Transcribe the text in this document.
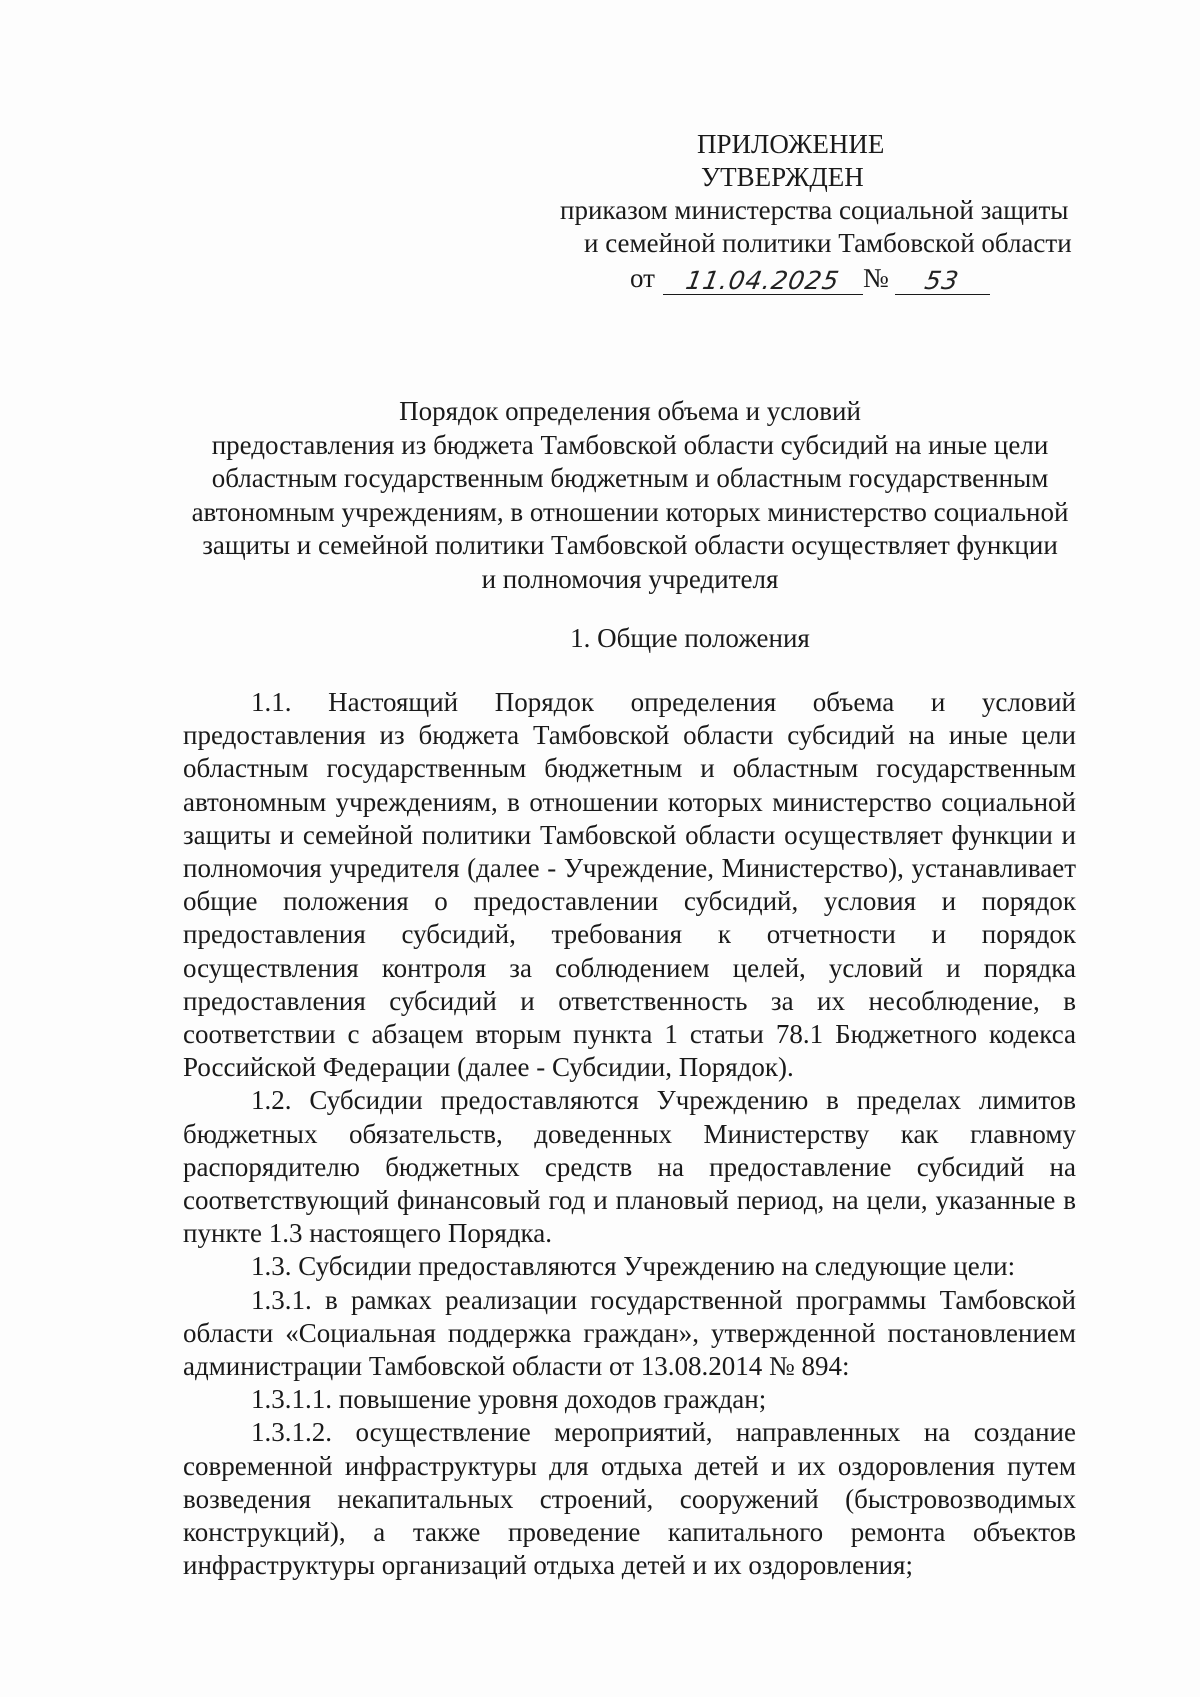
ПРИЛОЖЕНИЕ
УТВЕРЖДЕН
приказом министерства социальной защиты
и семейной политики Тамбовской области
от 11.04.2025 № 53
Порядок определения объема и условий
предоставления из бюджета Тамбовской области субсидий на иные цели
областным государственным бюджетным и областным государственным
автономным учреждениям, в отношении которых министерство социальной
защиты и семейной политики Тамбовской области осуществляет функции
и полномочия учредителя
1. Общие положения

1.1. Настоящий Порядок определения объема и условий предоставления из бюджета Тамбовской области субсидий на иные цели областным государственным бюджетным и областным государственным автономным учреждениям, в отношении которых министерство социальной защиты и семейной политики Тамбовской области осуществляет функции и полномочия учредителя (далее - Учреждение, Министерство), устанавливает общие положения о предоставлении субсидий, условия и порядок предоставления субсидий, требования к отчетности и порядок осуществления контроля за соблюдением целей, условий и порядка предоставления субсидий и ответственность за их несоблюдение, в соответствии с абзацем вторым пункта 1 статьи 78.1 Бюджетного кодекса Российской Федерации (далее - Субсидии, Порядок).

1.2. Субсидии предоставляются Учреждению в пределах лимитов бюджетных обязательств, доведенных Министерству как главному распорядителю бюджетных средств на предоставление субсидий на соответствующий финансовый год и плановый период, на цели, указанные в пункте 1.3 настоящего Порядка.

1.3. Субсидии предоставляются Учреждению на следующие цели:

1.3.1. в рамках реализации государственной программы Тамбовской области «Социальная поддержка граждан», утвержденной постановлением администрации Тамбовской области от 13.08.2014 № 894:

1.3.1.1. повышение уровня доходов граждан;

1.3.1.2. осуществление мероприятий, направленных на создание современной инфраструктуры для отдыха детей и их оздоровления путем возведения некапитальных строений, сооружений (быстровозводимых конструкций), а также проведение капитального ремонта объектов инфраструктуры организаций отдыха детей и их оздоровления;
